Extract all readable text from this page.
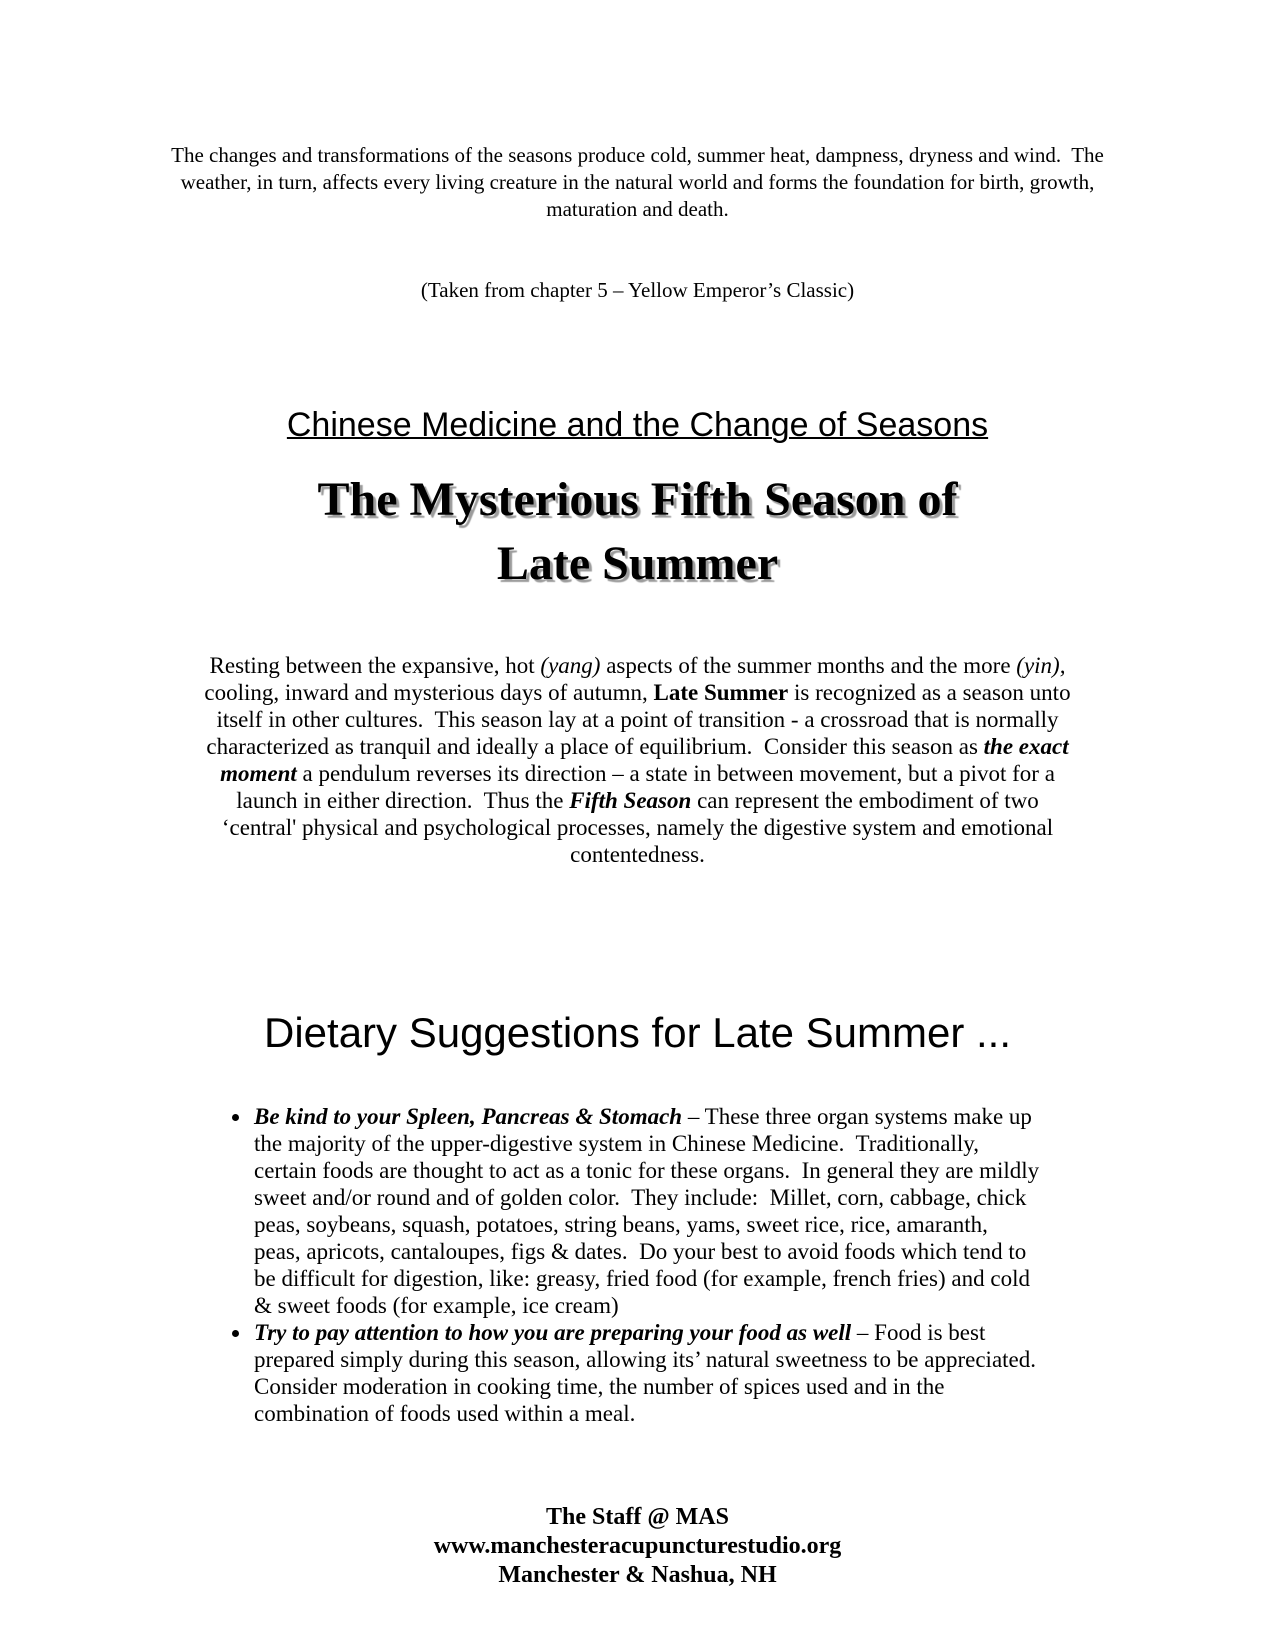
The changes and transformations of the seasons produce cold, summer heat, dampness, dryness and wind.  The weather, in turn, affects every living creature in the natural world and forms the foundation for birth, growth, maturation and death.

(Taken from chapter 5 – Yellow Emperor’s Classic)

Chinese Medicine and the Change of Seasons
The Mysterious Fifth Season of
Late Summer

Resting between the expansive, hot (yang) aspects of the summer months and the more (yin), cooling, inward and mysterious days of autumn, Late Summer is recognized as a season unto itself in other cultures.  This season lay at a point of transition - a crossroad that is normally characterized as tranquil and ideally a place of equilibrium.  Consider this season as the exact moment a pendulum reverses its direction – a state in between movement, but a pivot for a launch in either direction.  Thus the Fifth Season can represent the embodiment of two ‘central' physical and psychological processes, namely the digestive system and emotional contentedness.

Dietary Suggestions for Late Summer ...
• Be kind to your Spleen, Pancreas & Stomach – These three organ systems make up the majority of the upper-digestive system in Chinese Medicine.  Traditionally, certain foods are thought to act as a tonic for these organs.  In general they are mildly sweet and/or round and of golden color.  They include:  Millet, corn, cabbage, chick peas, soybeans, squash, potatoes, string beans, yams, sweet rice, rice, amaranth, peas, apricots, cantaloupes, figs & dates.  Do your best to avoid foods which tend to be difficult for digestion, like: greasy, fried food (for example, french fries) and cold & sweet foods (for example, ice cream)
• Try to pay attention to how you are preparing your food as well – Food is best prepared simply during this season, allowing its’ natural sweetness to be appreciated.  Consider moderation in cooking time, the number of spices used and in the combination of foods used within a meal.
The Staff @ MAS
www.manchesteracupuncturestudio.org
Manchester & Nashua, NH
